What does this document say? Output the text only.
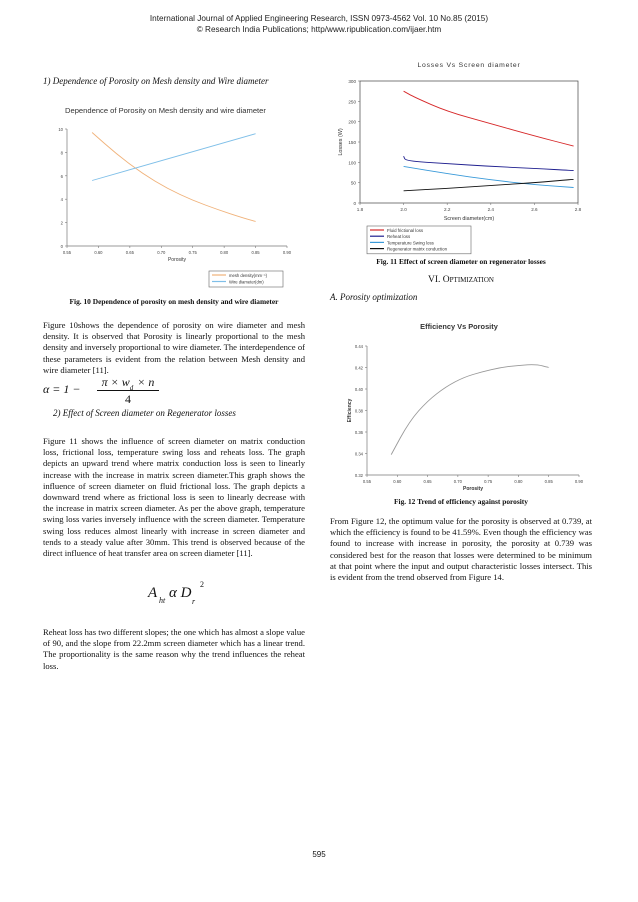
International Journal of Applied Engineering Research, ISSN 0973-4562 Vol. 10 No.85 (2015)
© Research India Publications; http/www.ripublication.com/ijaer.htm
1) Dependence of Porosity on Mesh density and Wire diameter
Dependence of Porosity on Mesh density and wire diameter
0.55	0.60	0.65	0.70	0.75	0.80	0.85	0.90
0
2
4
6
8
10
Porosity
mesh density(mm⁻¹)
Wire diameter(dm)
Fig. 10 Dependence of porosity on mesh density and wire diameter
Figure 10shows the dependence of porosity on wire diameter and mesh density. It is observed that Porosity is linearly proportional to the mesh density and inversely proportional to wire diameter. The interdependence of these parameters is evident from the relation between Mesh density and wire diameter [11].
α = 1 −	$\pi \times w_d \times n$
4
2) Effect of Screen diameter on Regenerator losses
Figure 11 shows the influence of screen diameter on matrix conduction loss, frictional loss, temperature swing loss and reheats loss. The graph depicts an upward trend where matrix conduction loss is seen to linearly increase with the increase in matrix screen diameter.This graph shows the influence of screen diameter on fluid frictional loss. The graph depicts a downward trend where as frictional loss is seen to linearly decrease with the increase in matrix screen diameter. As per the above graph, temperature swing loss varies inversely influence with the screen diameter. Temperature swing loss reduces almost linearly with increase in screen diameter and tends to a steady value after 30mm. This trend is observed because of the direct influence of heat transfer area on screen diameter [11].
A ht α D
r
2
Reheat loss has two different slopes; the one which has almost a slope value of 90, and the slope from 22.2mm screen diameter which has a linear trend. The proportionality is the same reason why the trend influences the reheat loss.
Losses Vs Screen diameter
1.8	2.0	2.2	2.4	2.6	2.8
0
50
100
150
200
250
300
Screen diameter(cm)
Losses (W)
Fluid frictional loss
Reheat loss
Temperature Swing loss
Regenerator matrix conduction
Fig. 11 Effect of screen diameter on regenerator losses
VI. Optimization
A. Porosity optimization
Efficiency Vs Porosity
0.55	0.60	0.65	0.70	0.75	0.80	0.85	0.90
0.32
0.34
0.36
0.38
0.40
0.42
0.44
Porosity
Efficiency
Fig. 12 Trend of efficiency against porosity
From Figure 12, the optimum value for the porosity is observed at 0.739, at which the efficiency is found to be 41.59%. Even though the efficiency was found to increase with increase in porosity, the porosity at 0.739 was considered best for the reason that losses were determined to be minimum at that point where the input and output characteristic losses intersect. This is evident from the trend observed from Figure 14.
595
